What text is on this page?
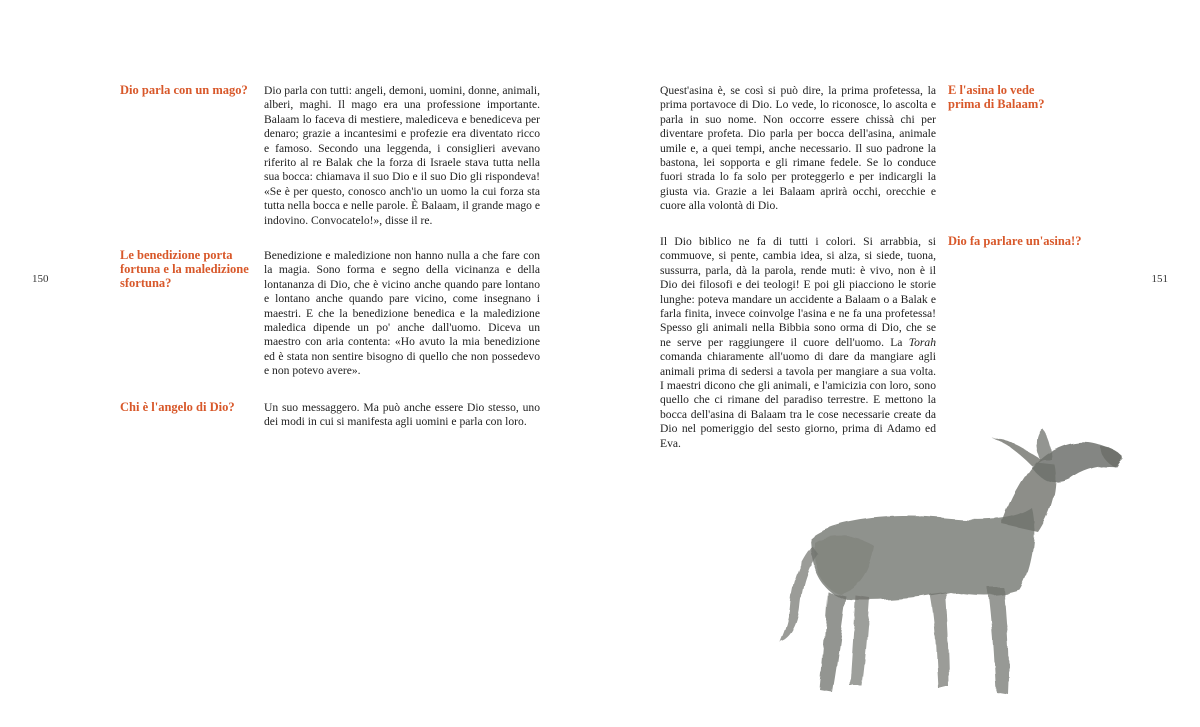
150

Dio parla con un mago?	Dio parla con tutti: angeli, demoni, uomini, donne, animali, alberi, maghi. Il mago era una professione importante. Balaam lo faceva di mestiere, malediceva e benediceva per denaro; grazie a incantesimi e profezie era diventato ricco e famoso. Secondo una leggenda, i consiglieri avevano riferito al re Balak che la forza di Israele stava tutta nella sua bocca: chiamava il suo Dio e il suo Dio gli rispondeva! «Se è per questo, conosco anch'io un uomo la cui forza sta tutta nella bocca e nelle parole. È Balaam, il grande mago e indovino. Convocatelo!», disse il re.

Le benedizione porta
fortuna e la maledizione
sfortuna?

Benedizione e maledizione non hanno nulla a che fare con la magia. Sono forma e segno della vicinanza e della lontananza di Dio, che è vicino anche quando pare lontano e lontano anche quando pare vicino, come insegnano i maestri. E che la benedizione benedica e la maledizione maledica dipende un po' anche dall'uomo. Diceva un maestro con aria contenta: «Ho avuto la mia benedizione ed è stata non sentire bisogno di quello che non possedevo e non potevo avere».

Chi è l'angelo di Dio?	Un suo messaggero. Ma può anche essere Dio stesso, uno dei modi in cui si manifesta agli uomini e parla con loro.

151

Quest'asina è, se così si può dire, la prima profetessa, la prima portavoce di Dio. Lo vede, lo riconosce, lo ascolta e parla in suo nome. Non occorre essere chissà chi per diventare profeta. Dio parla per bocca dell'asina, animale umile e, a quei tempi, anche necessario. Il suo padrone la bastona, lei sopporta e gli rimane fedele. Se lo conduce fuori strada lo fa solo per proteggerlo e per indicargli la giusta via. Grazie a lei Balaam aprirà occhi, orecchie e cuore alla volontà di Dio.

E l'asina lo vede
prima di Balaam?

Il Dio biblico ne fa di tutti i colori. Si arrabbia, si commuove, si pente, cambia idea, si alza, si siede, tuona, sussurra, parla, dà la parola, rende muti: è vivo, non è il Dio dei filosofi e dei teologi! E poi gli piacciono le storie lunghe: poteva mandare un accidente a Balaam o a Balak e farla finita, invece coinvolge l'asina e ne fa una profetessa! Spesso gli animali nella Bibbia sono orma di Dio, che se ne serve per raggiungere il cuore dell'uomo. La Torah comanda chiaramente all'uomo di dare da mangiare agli animali prima di sedersi a tavola per mangiare a sua volta. I maestri dicono che gli animali, e l'amicizia con loro, sono quello che ci rimane del paradiso terrestre. E mettono la bocca dell'asina di Balaam tra le cose necessarie create da Dio nel pomeriggio del sesto giorno, prima di Adamo ed Eva.

Dio fa parlare un'asina!?
